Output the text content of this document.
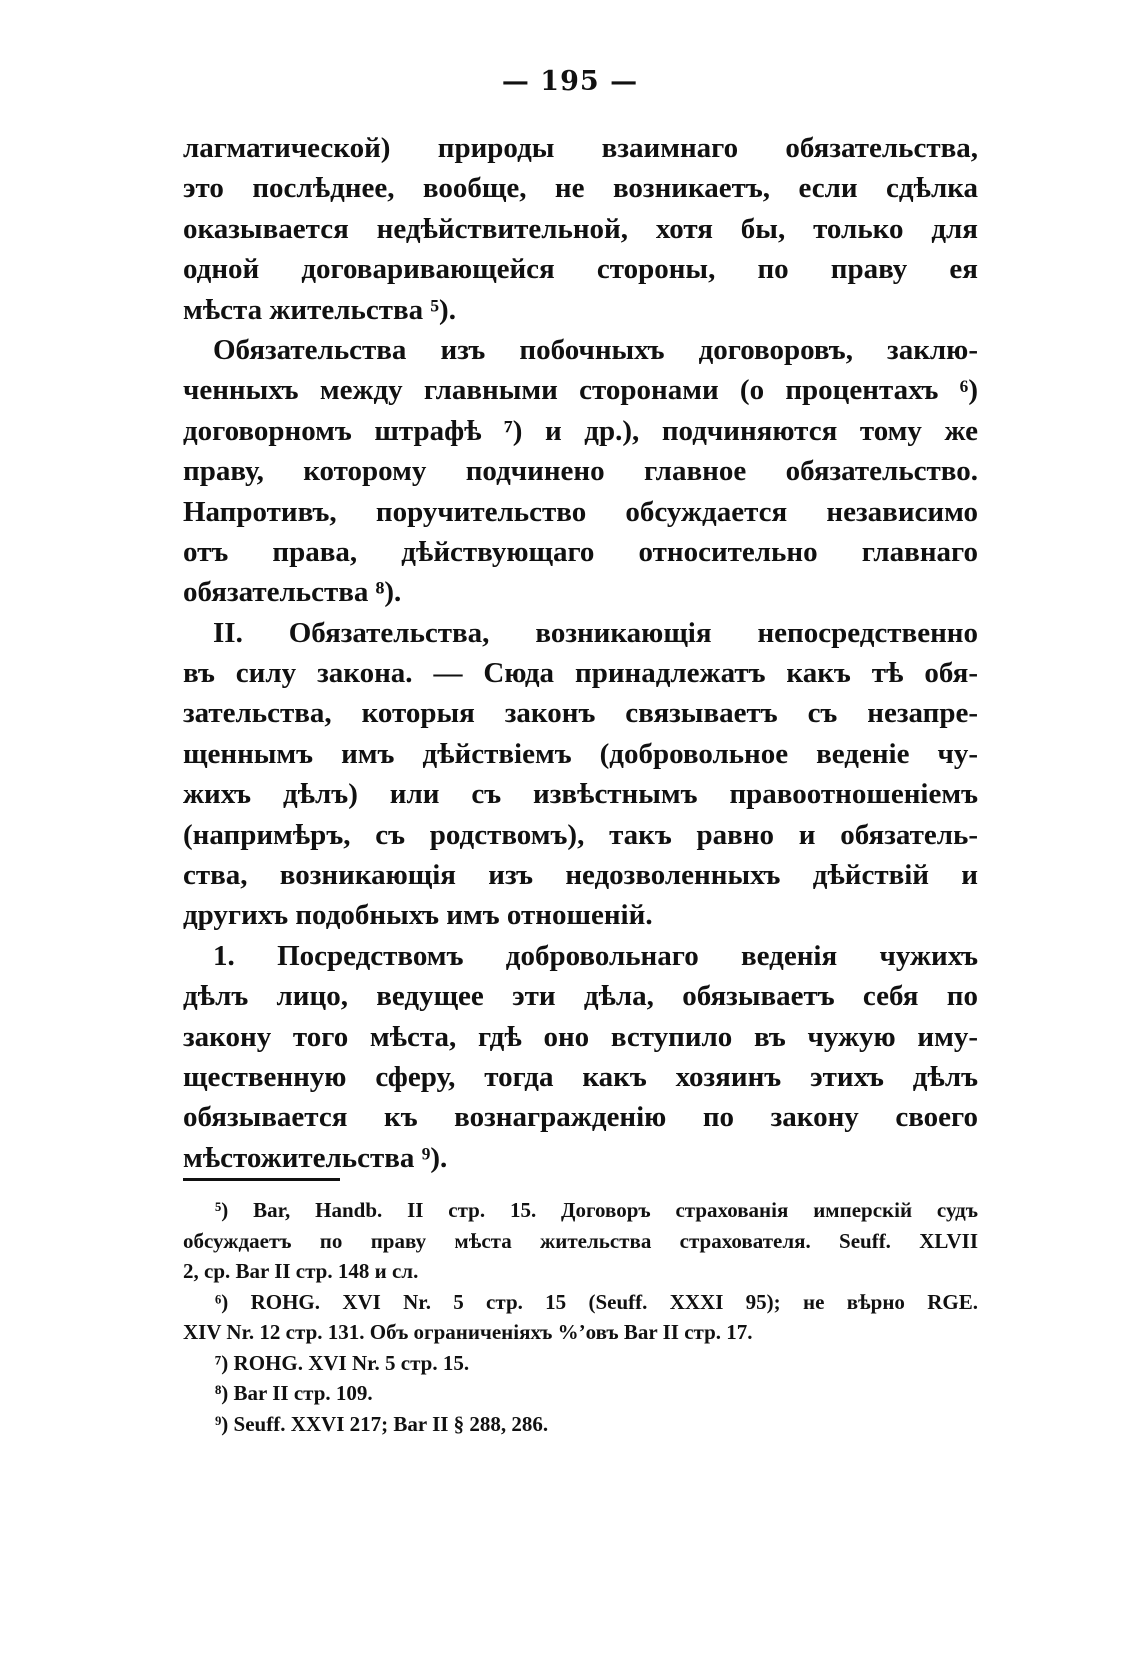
— 195 —
лагматической) природы взаимнаго обязательства,
это послѣднее, вообще, не возникаетъ, если сдѣлка
оказывается недѣйствительной, хотя бы, только для
одной договаривающейся стороны, по праву ея
мѣста жительства ⁵).
Обязательства изъ побочныхъ договоровъ, заклю-
ченныхъ между главными сторонами (о процентахъ ⁶)
договорномъ штрафѣ ⁷) и др.), подчиняются тому же
праву, которому подчинено главное обязательство.
Напротивъ, поручительство обсуждается независимо
отъ права, дѣйствующаго относительно главнаго
обязательства ⁸).
II. Обязательства, возникающія непосредственно
въ силу закона. — Сюда принадлежатъ какъ тѣ обя-
зательства, которыя законъ связываетъ съ незапре-
щеннымъ имъ дѣйствіемъ (добровольное веденіе чу-
жихъ дѣлъ) или съ извѣстнымъ правоотношеніемъ
(напримѣръ, съ родствомъ), такъ равно и обязатель-
ства, возникающія изъ недозволенныхъ дѣйствій и
другихъ подобныхъ имъ отношеній.
1. Посредствомъ добровольнаго веденія чужихъ
дѣлъ лицо, ведущее эти дѣла, обязываетъ себя по
закону того мѣста, гдѣ оно вступило въ чужую иму-
щественную сферу, тогда какъ хозяинъ этихъ дѣлъ
обязывается къ вознагражденію по закону своего
мѣстожительства ⁹).
⁵) Bar, Handb. II стр. 15. Договоръ страхованія имперскій судъ
обсуждаетъ по праву мѣста жительства страхователя. Seuff. XLVII
2, ср. Bar II стр. 148 и сл.
⁶) ROHG. XVI Nr. 5 стр. 15 (Seuff. XXXI 95); не вѣрно RGE.
XIV Nr. 12 стр. 131. Объ ограниченіяхъ %’овъ Bar II стр. 17.
⁷) ROHG. XVI Nr. 5 стр. 15.
⁸) Bar II стр. 109.
⁹) Seuff. XXVI 217; Bar II § 288, 286.
